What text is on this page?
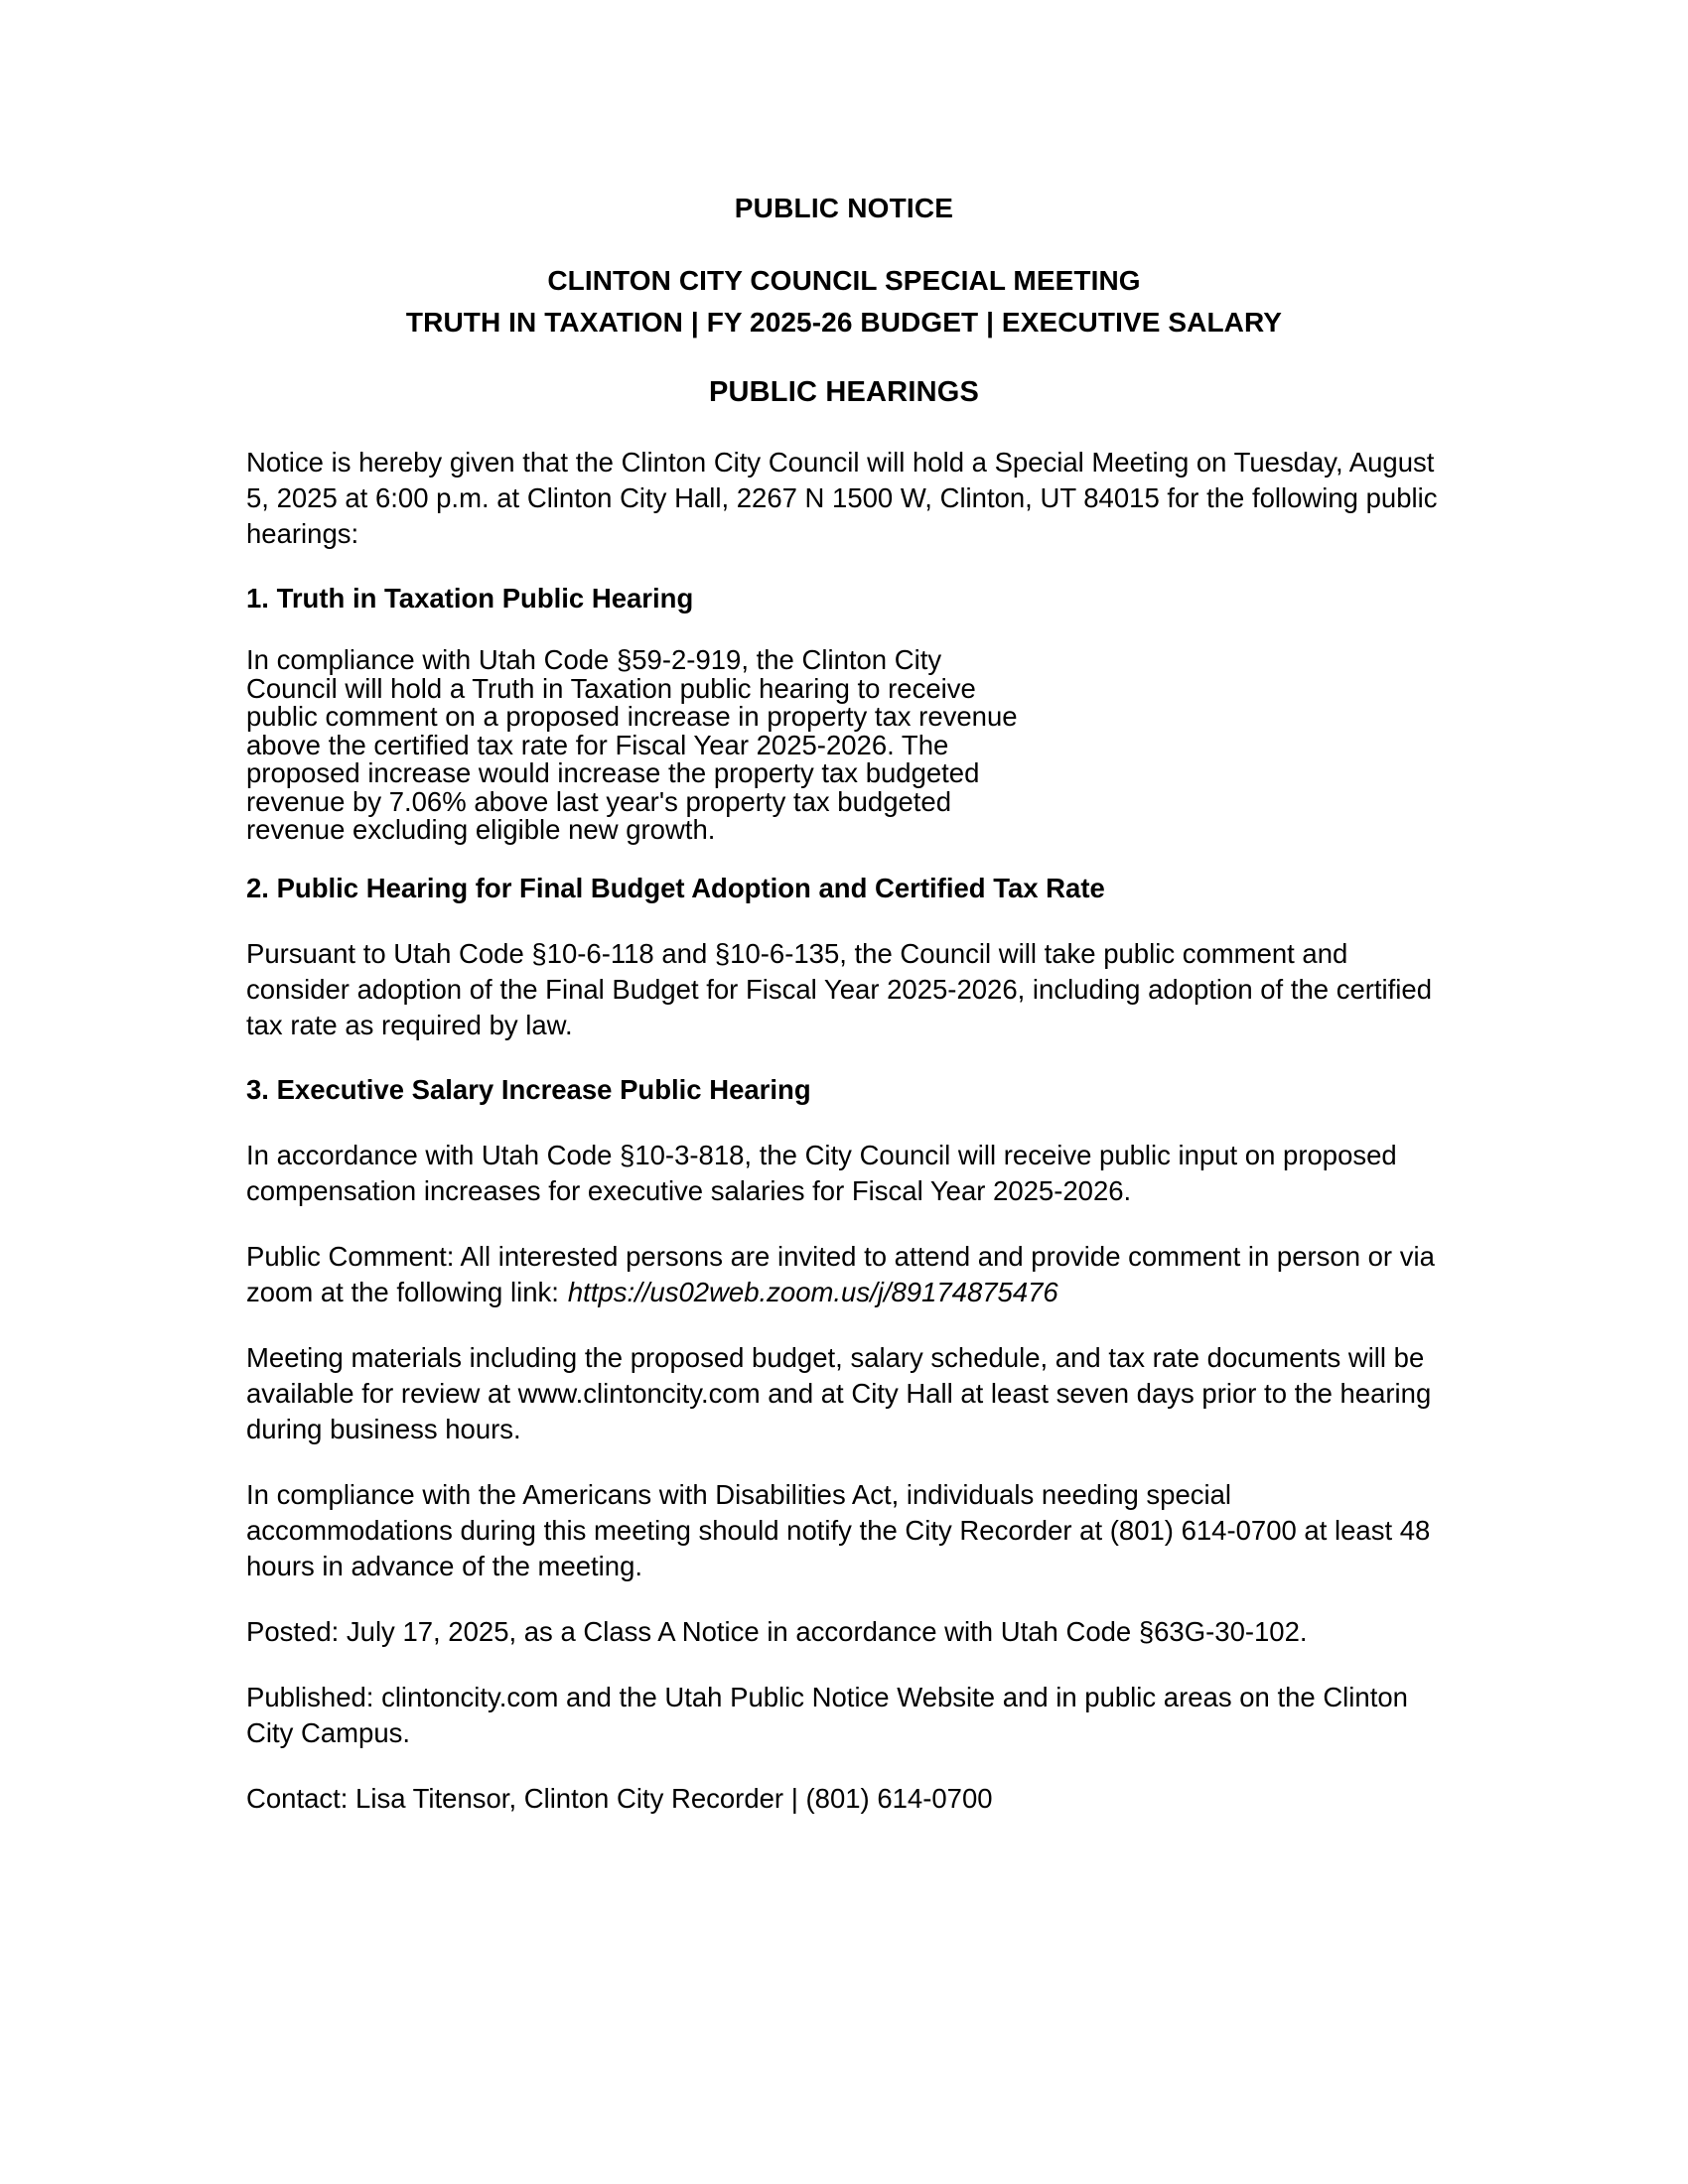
PUBLIC NOTICE
CLINTON CITY COUNCIL SPECIAL MEETING
TRUTH IN TAXATION | FY 2025-26 BUDGET | EXECUTIVE SALARY
PUBLIC HEARINGS

Notice is hereby given that the Clinton City Council will hold a Special Meeting on Tuesday, August 5, 2025 at 6:00 p.m. at Clinton City Hall, 2267 N 1500 W, Clinton, UT 84015 for the following public hearings:

1. Truth in Taxation Public Hearing

In compliance with Utah Code §59-2-919, the Clinton City Council will hold a Truth in Taxation public hearing to receive public comment on a proposed increase in property tax revenue above the certified tax rate for Fiscal Year 2025-2026. The proposed increase would increase the property tax budgeted revenue by 7.06% above last year's property tax budgeted revenue excluding eligible new growth.

2. Public Hearing for Final Budget Adoption and Certified Tax Rate

Pursuant to Utah Code §10-6-118 and §10-6-135, the Council will take public comment and consider adoption of the Final Budget for Fiscal Year 2025-2026, including adoption of the certified tax rate as required by law.

3. Executive Salary Increase Public Hearing

In accordance with Utah Code §10-3-818, the City Council will receive public input on proposed compensation increases for executive salaries for Fiscal Year 2025-2026.

Public Comment: All interested persons are invited to attend and provide comment in person or via zoom at the following link: https://us02web.zoom.us/j/89174875476

Meeting materials including the proposed budget, salary schedule, and tax rate documents will be available for review at www.clintoncity.com and at City Hall at least seven days prior to the hearing during business hours.

In compliance with the Americans with Disabilities Act, individuals needing special accommodations during this meeting should notify the City Recorder at (801) 614-0700 at least 48 hours in advance of the meeting.

Posted: July 17, 2025, as a Class A Notice in accordance with Utah Code §63G-30-102.

Published: clintoncity.com and the Utah Public Notice Website and in public areas on the Clinton City Campus.

Contact: Lisa Titensor, Clinton City Recorder | (801) 614-0700
